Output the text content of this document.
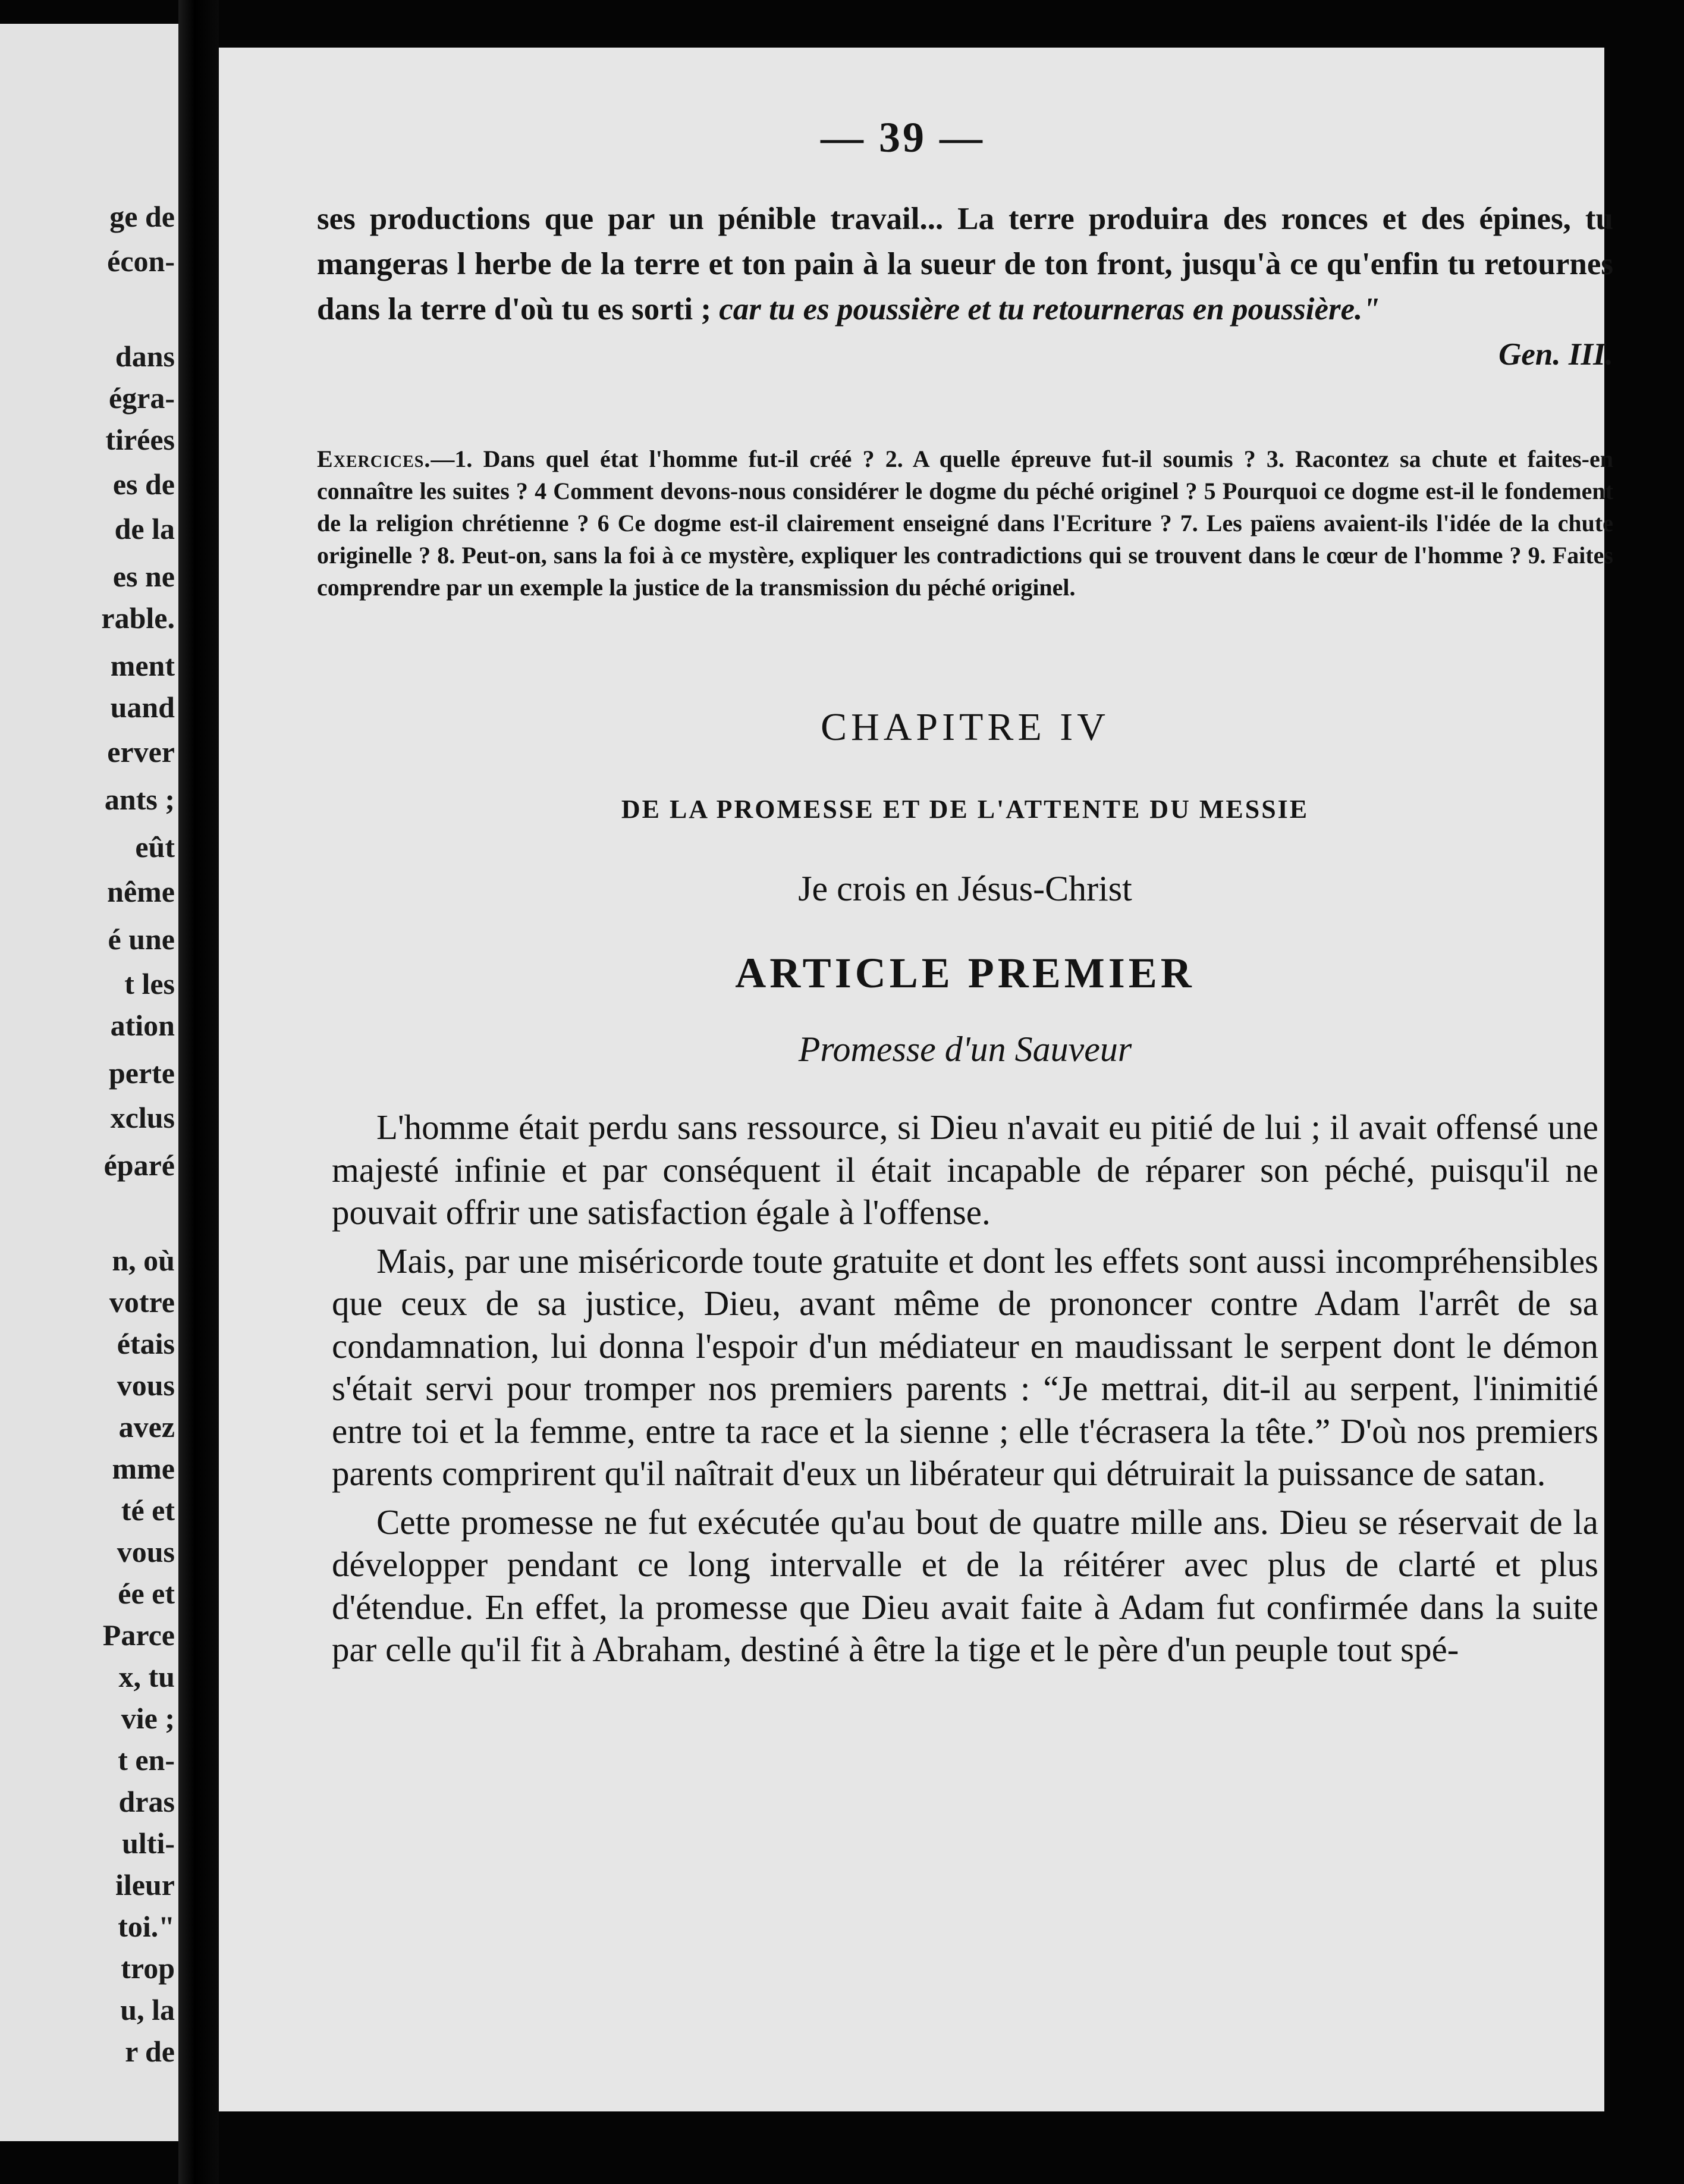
ge de
écon-
dans
égra-
tirées
es de
de la
es ne
rable.
ment
uand
erver
ants ;
eût
nême
é une
t les
ation
perte
xclus
éparé
n, où
votre
étais
vous
avez
mme
té et
vous
ée et
Parce
x, tu
vie ;
t en-
dras
ulti-
ileur
toi."
trop
u, la
r de
— 39 —

ses productions que par un pénible travail... La terre produira des ronces et des épines, tu mangeras l herbe de la terre et ton pain à la sueur de ton front, jusqu'à ce qu'enfin tu retournes dans la terre d'où tu es sorti ; car tu es poussière et tu retourneras en poussière."
Gen. III.

Exercices.—1. Dans quel état l'homme fut-il créé ? 2. A quelle épreuve fut-il soumis ? 3. Racontez sa chute et faites-en connaître les suites ? 4 Comment devons-nous considérer le dogme du péché originel ? 5 Pourquoi ce dogme est-il le fondement de la religion chrétienne ? 6 Ce dogme est-il clairement enseigné dans l'Ecriture ? 7. Les païens avaient-ils l'idée de la chute originelle ? 8. Peut-on, sans la foi à ce mystère, expliquer les contradictions qui se trouvent dans le cœur de l'homme ? 9. Faites comprendre par un exemple la justice de la transmission du péché originel.
CHAPITRE IV
DE LA PROMESSE ET DE L'ATTENTE DU MESSIE
Je crois en Jésus-Christ
ARTICLE PREMIER
Promesse d'un Sauveur

L'homme était perdu sans ressource, si Dieu n'avait eu pitié de lui ; il avait offensé une majesté infinie et par conséquent il était incapable de réparer son péché, puisqu'il ne pouvait offrir une satisfaction égale à l'offense.

Mais, par une miséricorde toute gratuite et dont les effets sont aussi incompréhensibles que ceux de sa justice, Dieu, avant même de prononcer contre Adam l'arrêt de sa condamnation, lui donna l'espoir d'un médiateur en maudissant le serpent dont le démon s'était servi pour tromper nos premiers parents : “Je mettrai, dit-il au serpent, l'inimitié entre toi et la femme, entre ta race et la sienne ; elle t'écrasera la tête.” D'où nos premiers parents comprirent qu'il naîtrait d'eux un libérateur qui détruirait la puissance de satan.

Cette promesse ne fut exécutée qu'au bout de quatre mille ans. Dieu se réservait de la développer pendant ce long intervalle et de la réitérer avec plus de clarté et plus d'étendue. En effet, la promesse que Dieu avait faite à Adam fut confirmée dans la suite par celle qu'il fit à Abraham, destiné à être la tige et le père d'un peuple tout spé-
